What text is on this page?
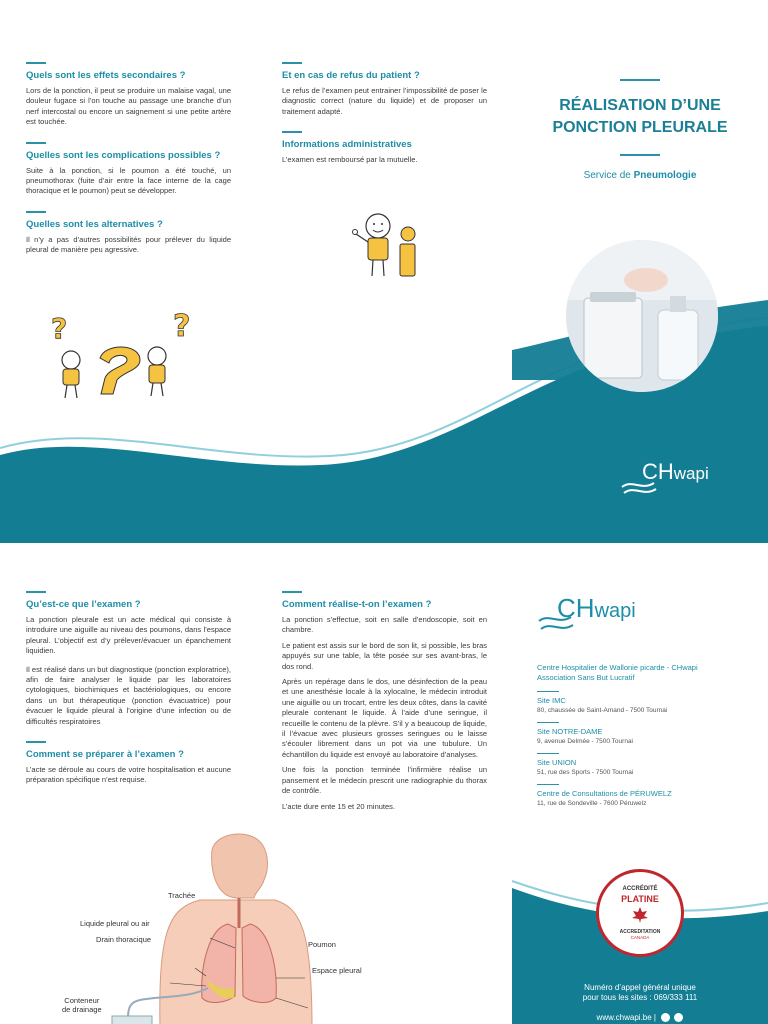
Quels sont les effets secondaires ?
Lors de la ponction, il peut se produire un malaise vagal, une douleur fugace si l’on touche au passage une branche d’un nerf intercostal ou encore un saignement si une petite artère est touchée.
Quelles sont les complications possibles ?
Suite à la ponction, si le poumon a été touché, un pneumothorax (fuite d’air entre la face interne de la cage thoracique et le poumon) peut se développer.
Quelles sont les alternatives ?
Il n’y a pas d’autres possibilités pour prélever du liquide pleural de manière peu agressive.
?	?
Et en cas de refus du patient ?
Le refus de l’examen peut entrainer l’impossibilité de poser le diagnostic correct (nature du liquide) et de proposer un traitement adapté.
Informations administratives
L’examen est remboursé par la mutuelle.
RÉALISATION D’UNE
PONCTION PLEURALE
Service de Pneumologie
CHwapi
Qu’est-ce que l’examen ?
La ponction pleurale est un acte médical qui consiste à introduire une aiguille au niveau des poumons, dans l’espace pleural. L’objectif est d’y prélever/évacuer un épanchement liquidien.
Il est réalisé dans un but diagnostique (ponction exploratrice), afin de faire analyser le liquide par les laboratoires cytologiques, biochimiques et bactériologiques, ou encore dans un but thérapeutique (ponction évacuatrice) pour évacuer le liquide pleural à l’origine d’une infection ou de difficultés respiratoires
Comment se préparer à l’examen ?
L’acte se déroule au cours de votre hospitalisation et aucune préparation spécifique n’est requise.
Trachée
Liquide pleural ou air
Drain thoracique
Poumon
Espace pleural
Conteneur
de drainage
Comment réalise-t-on l’examen ?
La ponction s’effectue, soit en salle d’endoscopie, soit en chambre.
Le patient est assis sur le bord de son lit, si possible, les bras appuyés sur une table, la tête posée sur ses avant-bras, le dos rond.
Après un repérage dans le dos, une désinfection de la peau et une anesthésie locale à la xylocaïne, le médecin introduit une aiguille ou un trocart, entre les deux côtes, dans la cavité pleurale contenant le liquide. À l’aide d’une seringue, il recueille le contenu de la plèvre. S’il y a beaucoup de liquide, il l’évacue avec plusieurs grosses seringues ou le laisse s’écouler librement dans un pot via une tubulure. Un échantillon du liquide est envoyé au laboratoire d’analyses.
Une fois la ponction terminée l’infirmière réalise un pansement et le médecin prescrit une radiographie du thorax de contrôle.
L’acte dure ente 15 et 20 minutes.
CHwapi
Centre Hospitalier de Wallonie picarde - CHwapi
Association Sans But Lucratif
Site IMC
80, chaussée de Saint-Amand - 7500 Tournai
Site NOTRE-DAME
9, avenue Delmée - 7500 Tournai
Site UNION
51, rue des Sports - 7500 Tournai
Centre de Consultations de PÉRUWELZ
11, rue de Sondeville - 7600 Péruwelz
ACCRÉDITÉ
PLATINE
ACCREDITATION
CANADA
Numéro d’appel général unique
pour tous les sites : 069/333 111
www.chwapi.be |
